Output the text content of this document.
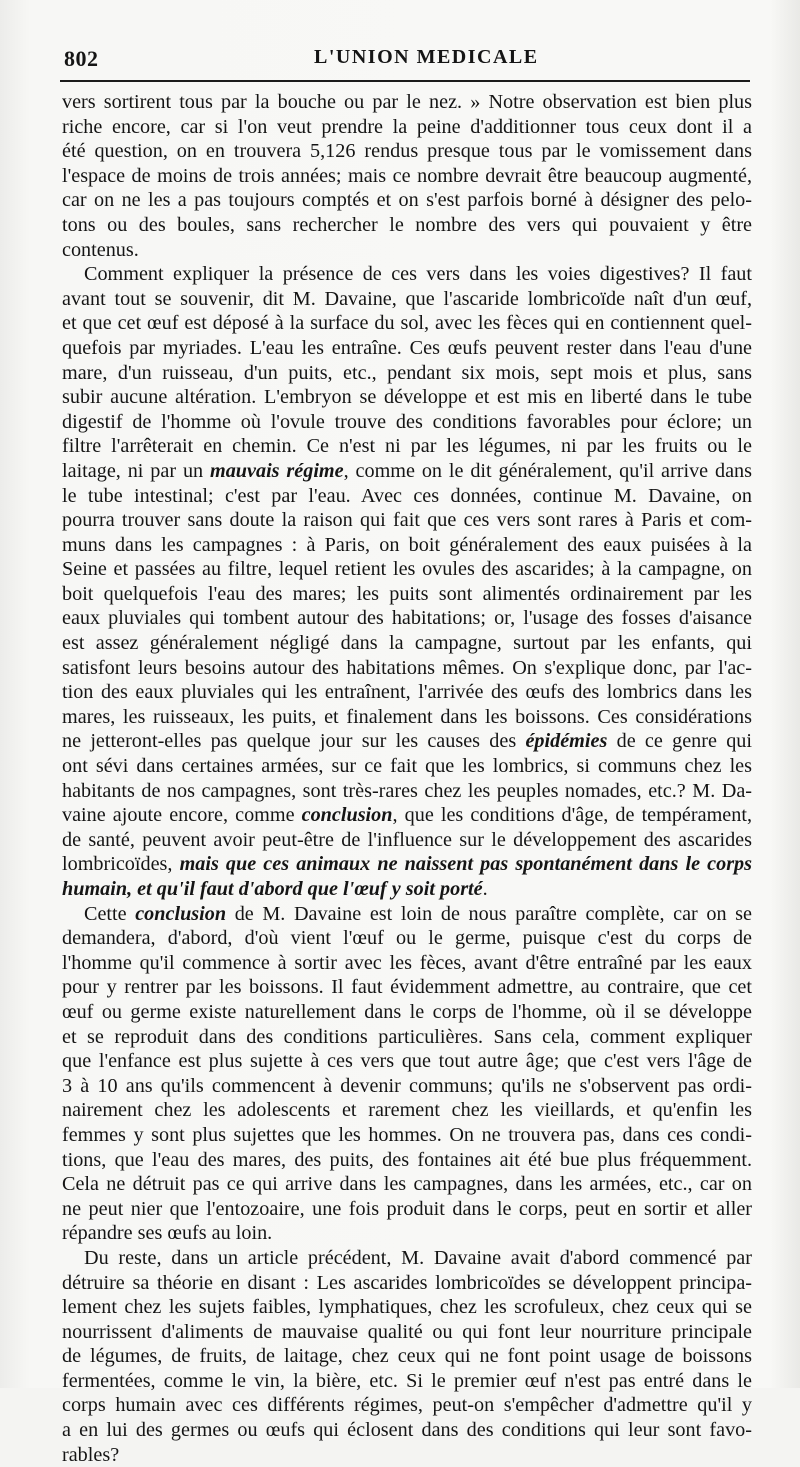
802	L'UNION MEDICALE
vers sortirent tous par la bouche ou par le nez. » Notre observation est bien plus
riche encore, car si l'on veut prendre la peine d'additionner tous ceux dont il a
été question, on en trouvera 5,126 rendus presque tous par le vomissement dans
l'espace de moins de trois années; mais ce nombre devrait être beaucoup augmenté,
car on ne les a pas toujours comptés et on s'est parfois borné à désigner des pelo-
tons ou des boules, sans rechercher le nombre des vers qui pouvaient y être
contenus.
Comment expliquer la présence de ces vers dans les voies digestives? Il faut
avant tout se souvenir, dit M. Davaine, que l'ascaride lombricoïde naît d'un œuf,
et que cet œuf est déposé à la surface du sol, avec les fèces qui en contiennent quel-
quefois par myriades. L'eau les entraîne. Ces œufs peuvent rester dans l'eau d'une
mare, d'un ruisseau, d'un puits, etc., pendant six mois, sept mois et plus, sans
subir aucune altération. L'embryon se développe et est mis en liberté dans le tube
digestif de l'homme où l'ovule trouve des conditions favorables pour éclore; un
filtre l'arrêterait en chemin. Ce n'est ni par les légumes, ni par les fruits ou le
laitage, ni par un mauvais régime, comme on le dit généralement, qu'il arrive dans
le tube intestinal; c'est par l'eau. Avec ces données, continue M. Davaine, on
pourra trouver sans doute la raison qui fait que ces vers sont rares à Paris et com-
muns dans les campagnes : à Paris, on boit généralement des eaux puisées à la
Seine et passées au filtre, lequel retient les ovules des ascarides; à la campagne, on
boit quelquefois l'eau des mares; les puits sont alimentés ordinairement par les
eaux pluviales qui tombent autour des habitations; or, l'usage des fosses d'aisance
est assez généralement négligé dans la campagne, surtout par les enfants, qui
satisfont leurs besoins autour des habitations mêmes. On s'explique donc, par l'ac-
tion des eaux pluviales qui les entraînent, l'arrivée des œufs des lombrics dans les
mares, les ruisseaux, les puits, et finalement dans les boissons. Ces considérations
ne jetteront-elles pas quelque jour sur les causes des épidémies de ce genre qui
ont sévi dans certaines armées, sur ce fait que les lombrics, si communs chez les
habitants de nos campagnes, sont très-rares chez les peuples nomades, etc.? M. Da-
vaine ajoute encore, comme conclusion, que les conditions d'âge, de tempérament,
de santé, peuvent avoir peut-être de l'influence sur le développement des ascarides
lombricoïdes, mais que ces animaux ne naissent pas spontanément dans le corps
humain, et qu'il faut d'abord que l'œuf y soit porté.
Cette conclusion de M. Davaine est loin de nous paraître complète, car on se
demandera, d'abord, d'où vient l'œuf ou le germe, puisque c'est du corps de
l'homme qu'il commence à sortir avec les fèces, avant d'être entraîné par les eaux
pour y rentrer par les boissons. Il faut évidemment admettre, au contraire, que cet
œuf ou germe existe naturellement dans le corps de l'homme, où il se développe
et se reproduit dans des conditions particulières. Sans cela, comment expliquer
que l'enfance est plus sujette à ces vers que tout autre âge; que c'est vers l'âge de
3 à 10 ans qu'ils commencent à devenir communs; qu'ils ne s'observent pas ordi-
nairement chez les adolescents et rarement chez les vieillards, et qu'enfin les
femmes y sont plus sujettes que les hommes. On ne trouvera pas, dans ces condi-
tions, que l'eau des mares, des puits, des fontaines ait été bue plus fréquemment.
Cela ne détruit pas ce qui arrive dans les campagnes, dans les armées, etc., car on
ne peut nier que l'entozoaire, une fois produit dans le corps, peut en sortir et aller
répandre ses œufs au loin.
Du reste, dans un article précédent, M. Davaine avait d'abord commencé par
détruire sa théorie en disant : Les ascarides lombricoïdes se développent principa-
lement chez les sujets faibles, lymphatiques, chez les scrofuleux, chez ceux qui se
nourrissent d'aliments de mauvaise qualité ou qui font leur nourriture principale
de légumes, de fruits, de laitage, chez ceux qui ne font point usage de boissons
fermentées, comme le vin, la bière, etc. Si le premier œuf n'est pas entré dans le
corps humain avec ces différents régimes, peut-on s'empêcher d'admettre qu'il y
a en lui des germes ou œufs qui éclosent dans des conditions qui leur sont favo-
rables?
